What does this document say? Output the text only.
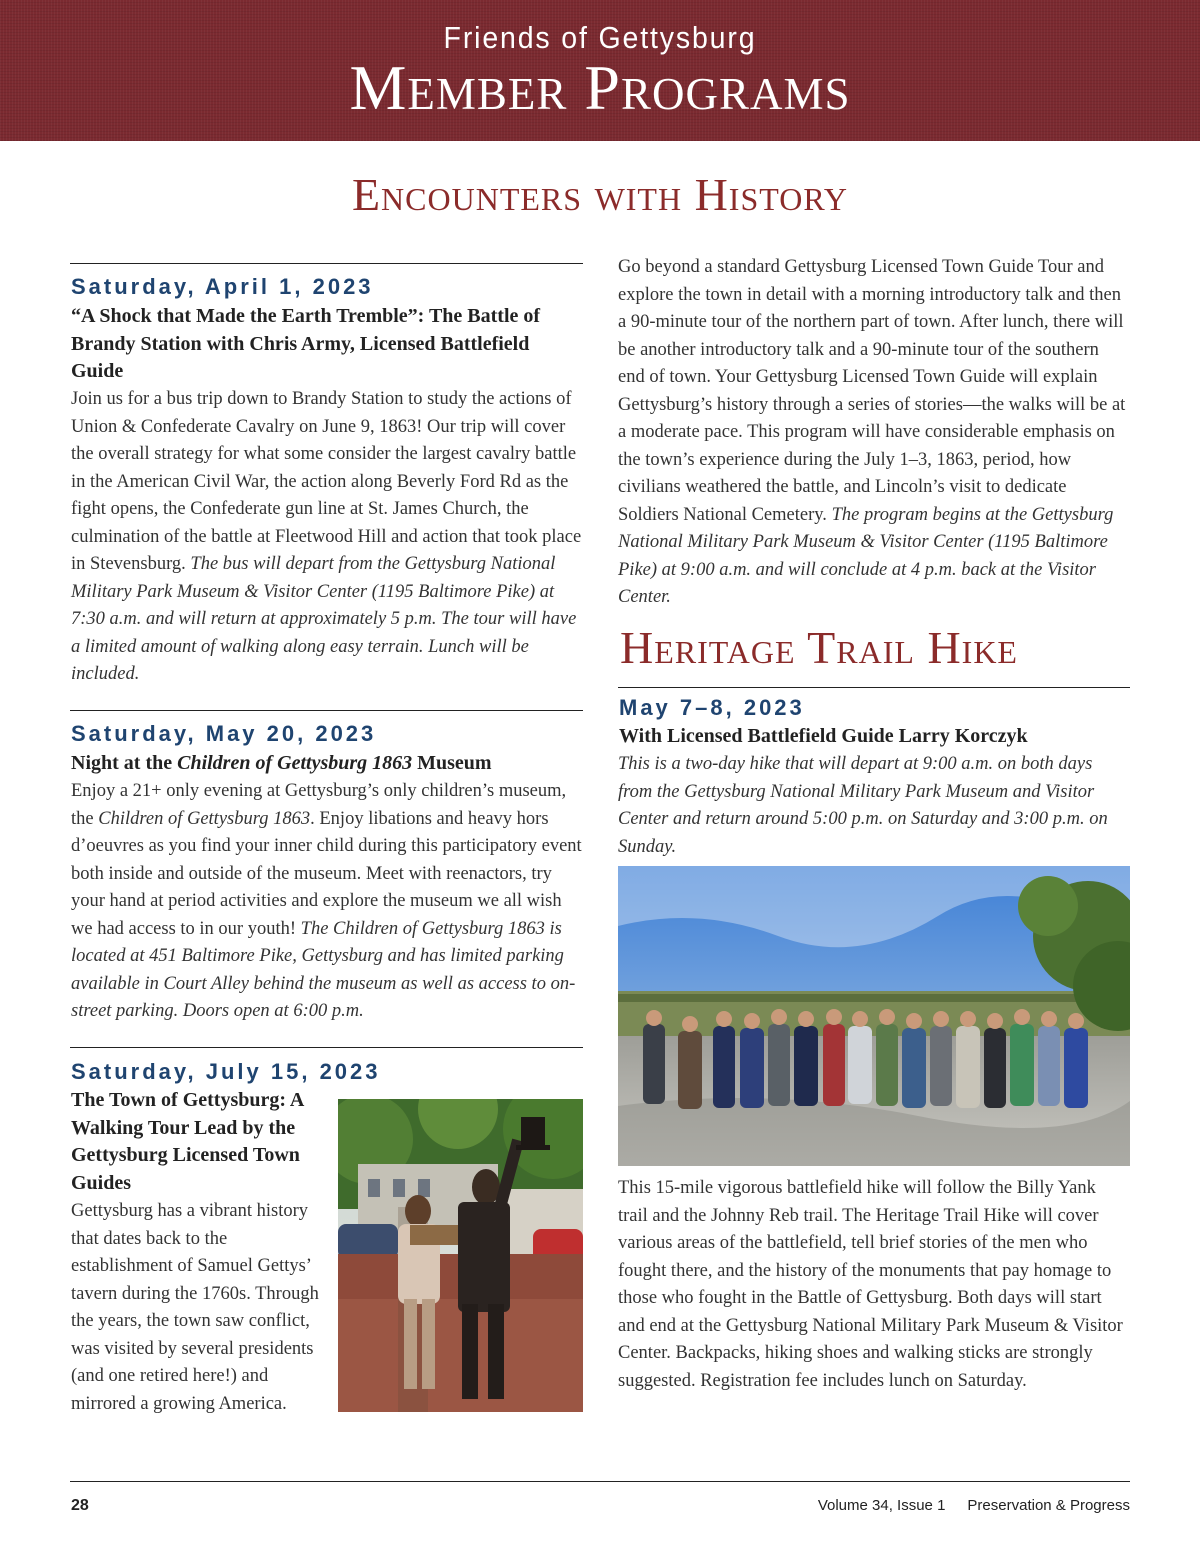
Friends of Gettysburg
Member Programs
Encounters with History
Saturday, April 1, 2023
“A Shock that Made the Earth Tremble”: The Battle of Brandy Station with Chris Army, Licensed Battlefield Guide
Join us for a bus trip down to Brandy Station to study the actions of Union & Confederate Cavalry on June 9, 1863! Our trip will cover the overall strategy for what some consider the largest cavalry battle in the American Civil War, the action along Beverly Ford Rd as the fight opens, the Confederate gun line at St. James Church, the culmination of the battle at Fleetwood Hill and action that took place in Stevensburg. The bus will depart from the Gettysburg National Military Park Museum & Visitor Center (1195 Baltimore Pike) at 7:30 a.m. and will return at approximately 5 p.m. The tour will have a limited amount of walking along easy terrain. Lunch will be included.
Saturday, May 20, 2023
Night at the Children of Gettysburg 1863 Museum
Enjoy a 21+ only evening at Gettysburg’s only children’s museum, the Children of Gettysburg 1863. Enjoy libations and heavy hors d’oeuvres as you find your inner child during this participatory event both inside and outside of the museum. Meet with reenactors, try your hand at period activities and explore the museum we all wish we had access to in our youth! The Children of Gettysburg 1863 is located at 451 Baltimore Pike, Gettysburg and has limited parking available in Court Alley behind the museum as well as access to on-street parking. Doors open at 6:00 p.m.
Saturday, July 15, 2023
The Town of Gettysburg: A Walking Tour Lead by the Gettysburg Licensed Town Guides
Gettysburg has a vibrant history that dates back to the establishment of Samuel Gettys’ tavern during the 1760s. Through the years, the town saw conflict, was visited by several presidents (and one retired here!) and mirrored a growing America.
Go beyond a standard Gettysburg Licensed Town Guide Tour and explore the town in detail with a morning introductory talk and then a 90-minute tour of the northern part of town. After lunch, there will be another introductory talk and a 90-minute tour of the southern end of town. Your Gettysburg Licensed Town Guide will explain Gettysburg’s history through a series of stories—the walks will be at a moderate pace. This program will have considerable emphasis on the town’s experience during the July 1–3, 1863, period, how civilians weathered the battle, and Lincoln’s visit to dedicate Soldiers National Cemetery. The program begins at the Gettysburg National Military Park Museum & Visitor Center (1195 Baltimore Pike) at 9:00 a.m. and will conclude at 4 p.m. back at the Visitor Center.
Heritage Trail Hike
May 7–8, 2023
With Licensed Battlefield Guide Larry Korczyk
This is a two-day hike that will depart at 9:00 a.m. on both days from the Gettysburg National Military Park Museum and Visitor Center and return around 5:00 p.m. on Saturday and 3:00 p.m. on Sunday.
This 15-mile vigorous battlefield hike will follow the Billy Yank trail and the Johnny Reb trail. The Heritage Trail Hike will cover various areas of the battlefield, tell brief stories of the men who fought there, and the history of the monuments that pay homage to those who fought in the Battle of Gettysburg. Both days will start and end at the Gettysburg National Military Park Museum & Visitor Center. Backpacks, hiking shoes and walking sticks are strongly suggested. Registration fee includes lunch on Saturday.
28	Volume 34, Issue 1 Preservation & Progress
